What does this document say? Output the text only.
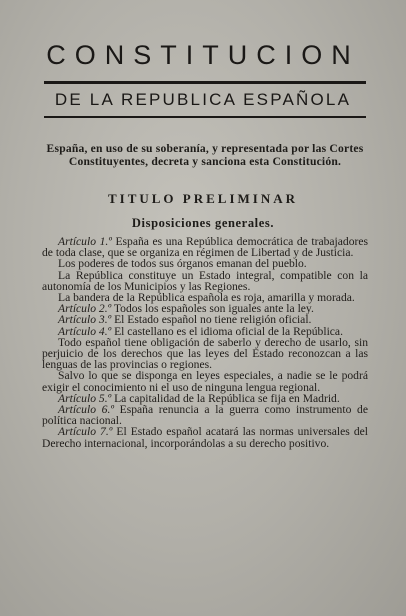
CONSTITUCION
DE LA REPUBLICA ESPAÑOLA
España, en uso de su soberanía, y representada por las Cortes Constituyentes, decreta y sanciona esta Constitución.
TITULO PRELIMINAR
Disposiciones generales.

Artículo 1.º España es una República democrática de trabajadores de toda clase, que se organiza en régimen de Libertad y de Justicia.

Los poderes de todos sus órganos emanan del pueblo.

La República constituye un Estado integral, compatible con la autonomía de los Municipios y las Regiones.

La bandera de la República española es roja, amarilla y morada.

Artículo 2.º Todos los españoles son iguales ante la ley.

Artículo 3.º El Estado español no tiene religión oficial.

Artículo 4.º El castellano es el idioma oficial de la República.

Todo español tiene obligación de saberlo y derecho de usarlo, sin perjuicio de los derechos que las leyes del Estado reconozcan a las lenguas de las provincias o regiones.

Salvo lo que se disponga en leyes especiales, a nadie se le podrá exigir el conocimiento ni el uso de ninguna lengua regional.

Artículo 5.º La capitalidad de la República se fija en Madrid.

Artículo 6.º España renuncia a la guerra como instrumento de política nacional.

Artículo 7.º El Estado español acatará las normas universales del Derecho internacional, incorporándolas a su derecho positivo.
